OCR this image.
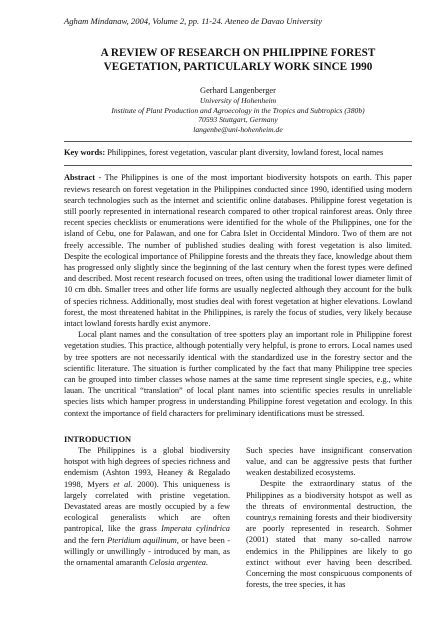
Agham Mindanaw, 2004, Volume 2, pp. 11-24. Ateneo de Davao University
A REVIEW OF RESEARCH ON PHILIPPINE FOREST
VEGETATION, PARTICULARLY WORK SINCE 1990
Gerhard Langenberger
University of Hohenheim
Institute of Plant Production and Agroecology in the Tropics and Subtropics (380b)
70593 Stuttgart, Germany
langenbe@uni-hohenheim.de
Key words: Philippines, forest vegetation, vascular plant diversity, lowland forest, local names

Abstract - The Philippines is one of the most important biodiversity hotspots on earth. This paper reviews research on forest vegetation in the Philippines conducted since 1990, identified using modern search technologies such as the internet and scientific online databases. Philippine forest vegetation is still poorly represented in international research compared to other tropical rainforest areas. Only three recent species checklists or enumerations were identified for the whole of the Philippines, one for the island of Cebu, one for Palawan, and one for Cabra Islet in Occidental Mindoro. Two of them are not freely accessible. The number of published studies dealing with forest vegetation is also limited. Despite the ecological importance of Philippine forests and the threats they face, knowledge about them has progressed only slightly since the beginning of the last century when the forest types were defined and described. Most recent research focused on trees, often using the traditional lower diameter limit of 10 cm dbh. Smaller trees and other life forms are usually neglected although they account for the bulk of species richness. Additionally, most studies deal with forest vegetation at higher elevations. Lowland forest, the most threatened habitat in the Philippines, is rarely the focus of studies, very likely because intact lowland forests hardly exist anymore.

Local plant names and the consultation of tree spotters play an important role in Philippine forest vegetation studies. This practice, although potentially very helpful, is prone to errors. Local names used by tree spotters are not necessarily identical with the standardized use in the forestry sector and the scientific literature. The situation is further complicated by the fact that many Philippine tree species can be grouped into timber classes whose names at the same time represent single species, e.g., white lauan. The uncritical “translation” of local plant names into scientific species results in unreliable species lists which hamper progress in understanding Philippine forest vegetation and ecology. In this context the importance of field characters for preliminary identifications must be stressed.

INTRODUCTION

The Philippines is a global biodiversity hotspot with high degrees of species richness and endemism (Ashton 1993, Heaney & Regalado 1998, Myers et al. 2000). This uniqueness is largely correlated with pristine vegetation. Devastated areas are mostly occupied by a few ecological generalists which are often pantropical, like the grass Imperata cylindrica and the fern Pteridium aquilinum, or have been - willingly or unwillingly - introduced by man, as the ornamental amaranth Celosia argentea.

Such species have insignificant conservation value, and can be aggressive pests that further weaken destabilized ecosystems.

Despite the extraordinary status of the Philippines as a biodiversity hotspot as well as the threats of environmental destruction, the country,s remaining forests and their biodiversity are poorly represented in research. Sohmer (2001) stated that many so-called narrow endemics in the Philippines are likely to go extinct without ever having been described. Concerning the most conspicuous components of forests, the tree species, it has
